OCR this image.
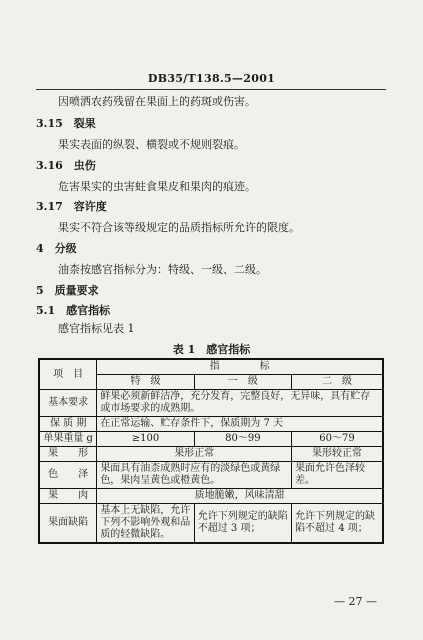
DB35/T138.5—2001
因喷洒农药残留在果面上的药斑或伤害。
3.15　裂果
果实表面的纵裂、横裂或不规则裂痕。
3.16　虫伤
危害果实的虫害蛀食果皮和果肉的痕迹。
3.17　容许度
果实不符合该等级规定的品质指标所允许的限度。
4　分级
油柰按感官指标分为：特级、一级、二级。
5　质量要求
5.1　感官指标
表 1　感官指标
项　目	指　　　　标		
	特　级	一　级	二　级
基本要求	鲜果必须新鲜洁净，充分发育，完整良好，无异味，具有贮存或市场要求的成熟期。		
保 质 期	在正常运输、贮存条件下，保质期为 7 天		
单果重量 g	≥100	80～99	60～79
果　　形	果形正常		果形较正常
色　　泽	果面具有油柰成熟时应有的淡绿色或黄绿色，果肉呈黄色或橙黄色。		果面允许色泽较差。
果　　肉	质地脆嫩，风味清甜		
果面缺陷	基本上无缺陷，允许下列不影响外观和品质的轻微缺陷。	允许下列规定的缺陷不超过 3 项；	允许下列规定的缺陷不超过 4 项；
— 27 —
感官指标见表 1
